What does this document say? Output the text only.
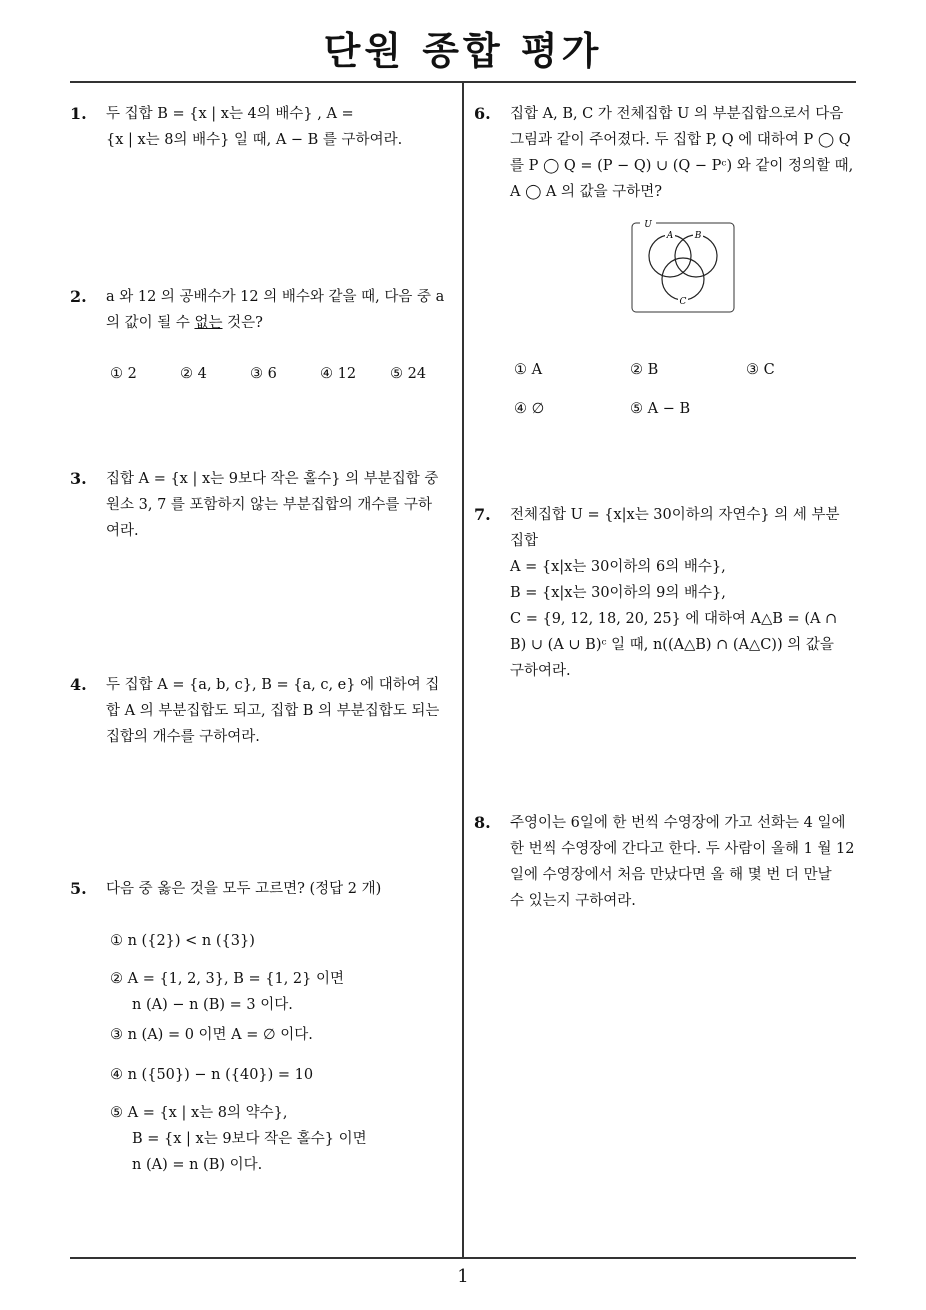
단원 종합 평가
1
1. 두 집합 B = {x | x는 4의 배수} , A =
{x | x는 8의 배수} 일 때, A − B 를 구하여라.
2. a 와 12 의 공배수가 12 의 배수와 같을 때, 다음 중 a
의 값이 될 수 없는 것은?
① 2	② 4	③ 6	④ 12 ⑤ 24
3. 집합 A = {x | x는 9보다 작은 홀수} 의 부분집합 중
원소 3, 7 를 포함하지 않는 부분집합의 개수를 구하
여라.
4. 두 집합 A = {a, b, c}, B = {a, c, e} 에 대하여 집
합 A 의 부분집합도 되고, 집합 B 의 부분집합도 되는
집합의 개수를 구하여라.
5. 다음 중 옳은 것을 모두 고르면? (정답 2 개)
① n ({2}) < n ({3})
② A = {1, 2, 3}, B = {1, 2} 이면
n (A) − n (B) = 3 이다.
③ n (A) = 0 이면 A = ∅ 이다.
④ n ({50}) − n ({40}) = 10
⑤ A = {x | x는 8의 약수},
B = {x | x는 9보다 작은 홀수} 이면
n (A) = n (B) 이다.
6. 집합 A, B, C 가 전체집합 U 의 부분집합으로서 다음
그림과 같이 주어졌다. 두 집합 P, Q 에 대하여 P ◯ Q
를 P ◯ Q = (P − Q) ∪ (Q − Pᶜ) 와 같이 정의할 때,
A ◯ A 의 값을 구하면?
U
A B
C
① A	② B	③ C
④ ∅	⑤ A − B
7. 전체집합 U = {x|x는 30이하의 자연수} 의 세 부분
집합
A = {x|x는 30이하의 6의 배수},
B = {x|x는 30이하의 9의 배수},
C = {9, 12, 18, 20, 25} 에 대하여 A△B = (A ∩
B) ∪ (A ∪ B)ᶜ 일 때, n((A△B) ∩ (A△C)) 의 값을
구하여라.
8. 주영이는 6일에 한 번씩 수영장에 가고 선화는 4 일에
한 번씩 수영장에 간다고 한다. 두 사람이 올해 1 월 12
일에 수영장에서 처음 만났다면 올 해 몇 번 더 만날
수 있는지 구하여라.
